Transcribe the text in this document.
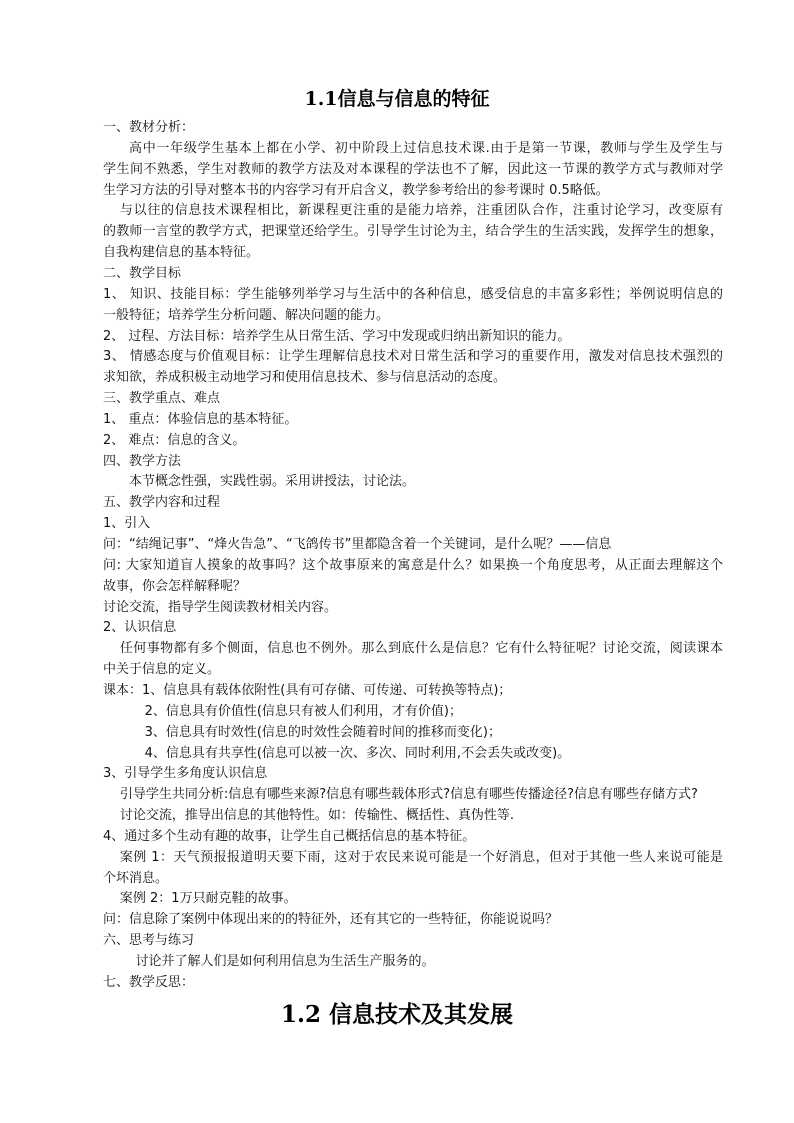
1.1信息与信息的特征
一、教材分析：
高中一年级学生基本上都在小学、初中阶段上过信息技术课.由于是第一节课，教师与学生及学生与
学生间不熟悉，学生对教师的教学方法及对本课程的学法也不了解，因此这一节课的教学方式与教师对学
生学习方法的引导对整本书的内容学习有开启含义，教学参考给出的参考课时 0.5略低。
与以往的信息技术课程相比，新课程更注重的是能力培养，注重团队合作，注重讨论学习，改变原有
的教师一言堂的教学方式，把课堂还给学生。引导学生讨论为主，结合学生的生活实践，发挥学生的想象，
自我构建信息的基本特征。
二、教学目标
1、 知识、技能目标：学生能够列举学习与生活中的各种信息，感受信息的丰富多彩性；举例说明信息的
一般特征；培养学生分析问题、解决问题的能力。
2、 过程、方法目标：培养学生从日常生活、学习中发现或归纳出新知识的能力。
3、 情感态度与价值观目标：让学生理解信息技术对日常生活和学习的重要作用，激发对信息技术强烈的
求知欲，养成积极主动地学习和使用信息技术、参与信息活动的态度。
三、教学重点、难点
1、 重点：体验信息的基本特征。
2、 难点：信息的含义。
四、教学方法
本节概念性强，实践性弱。采用讲授法，讨论法。
五、教学内容和过程
1、引入
问：“结绳记事”、“烽火告急”、“飞鸽传书”里都隐含着一个关键词，是什么呢？——信息
问: 大家知道盲人摸象的故事吗？这个故事原来的寓意是什么？如果换一个角度思考，从正面去理解这个
故事，你会怎样解释呢？
讨论交流，指导学生阅读教材相关内容。
2、认识信息
任何事物都有多个侧面，信息也不例外。那么到底什么是信息？它有什么特征呢？讨论交流，阅读课本
中关于信息的定义。
课本：1、信息具有载体依附性(具有可存储、可传递、可转换等特点)；
2、信息具有价值性(信息只有被人们利用，才有价值)；
3、信息具有时效性(信息的时效性会随着时间的推移而变化)；
4、信息具有共享性(信息可以被一次、多次、同时利用,不会丢失或改变)。
3、引导学生多角度认识信息
引导学生共同分析:信息有哪些来源?信息有哪些载体形式?信息有哪些传播途径?信息有哪些存储方式?
讨论交流，推导出信息的其他特性。如：传输性、概括性、真伪性等.
4、通过多个生动有趣的故事，让学生自己概括信息的基本特征。
案例 1：天气预报报道明天要下雨，这对于农民来说可能是一个好消息，但对于其他一些人来说可能是
个坏消息。
案例 2：1万只耐克鞋的故事。
问：信息除了案例中体现出来的的特征外，还有其它的一些特征，你能说说吗？
六、思考与练习
讨论并了解人们是如何利用信息为生活生产服务的。
七、教学反思：
1.2 信息技术及其发展
